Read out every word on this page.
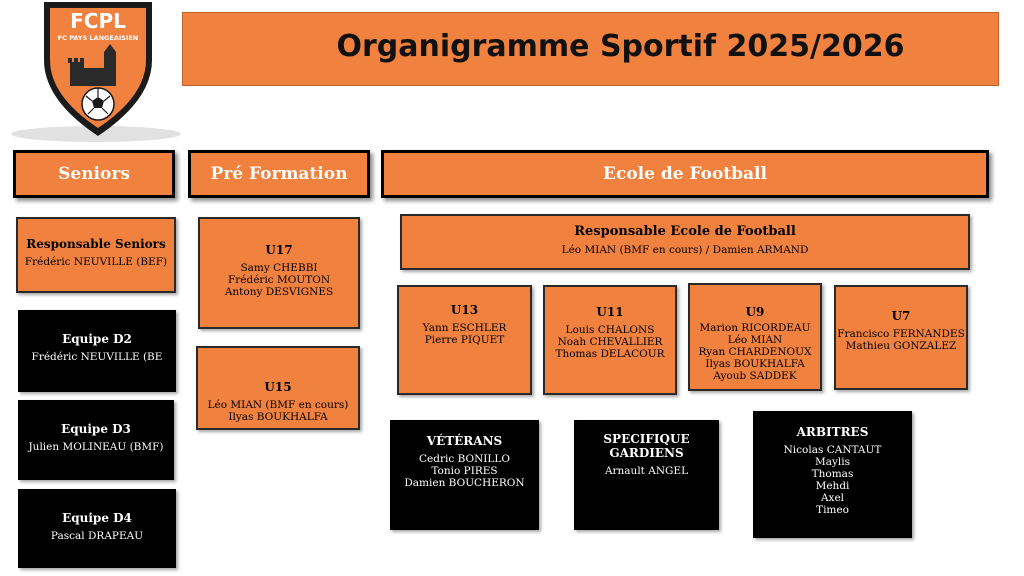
Organigramme Sportif 2025/2026
FCPL
FC PAYS LANGEAISIEN
Seniors	Pré Formation	Ecole de Football
Responsable Seniors
Frédéric NEUVILLE (BEF)
Equipe D2
Frédéric NEUVILLE (BE
Equipe D3
Julien MOLINEAU (BMF)
Equipe D4
Pascal DRAPEAU
U17
Samy CHEBBI
Frédéric MOUTON
Antony DESVIGNES
U15
Léo MIAN (BMF en cours)
Ilyas BOUKHALFA
Responsable Ecole de Football
Léo MIAN (BMF en cours) / Damien ARMAND
U13
Yann ESCHLER
Pierre PIQUET
U11
Louis CHALONS
Noah CHEVALLIER
Thomas DELACOUR
U9
Marion RICORDEAU
Léo MIAN
Ryan CHARDENOUX
Ilyas BOUKHALFA
Ayoub SADDEK
U7
Francisco FERNANDES
Mathieu GONZALEZ
VÉTÉRANS
Cedric BONILLO
Tonio PIRES
Damien BOUCHERON
SPECIFIQUE
GARDIENS
Arnault ANGEL
ARBITRES
Nicolas CANTAUT
Maylis
Thomas
Mehdi
Axel
Timeo
